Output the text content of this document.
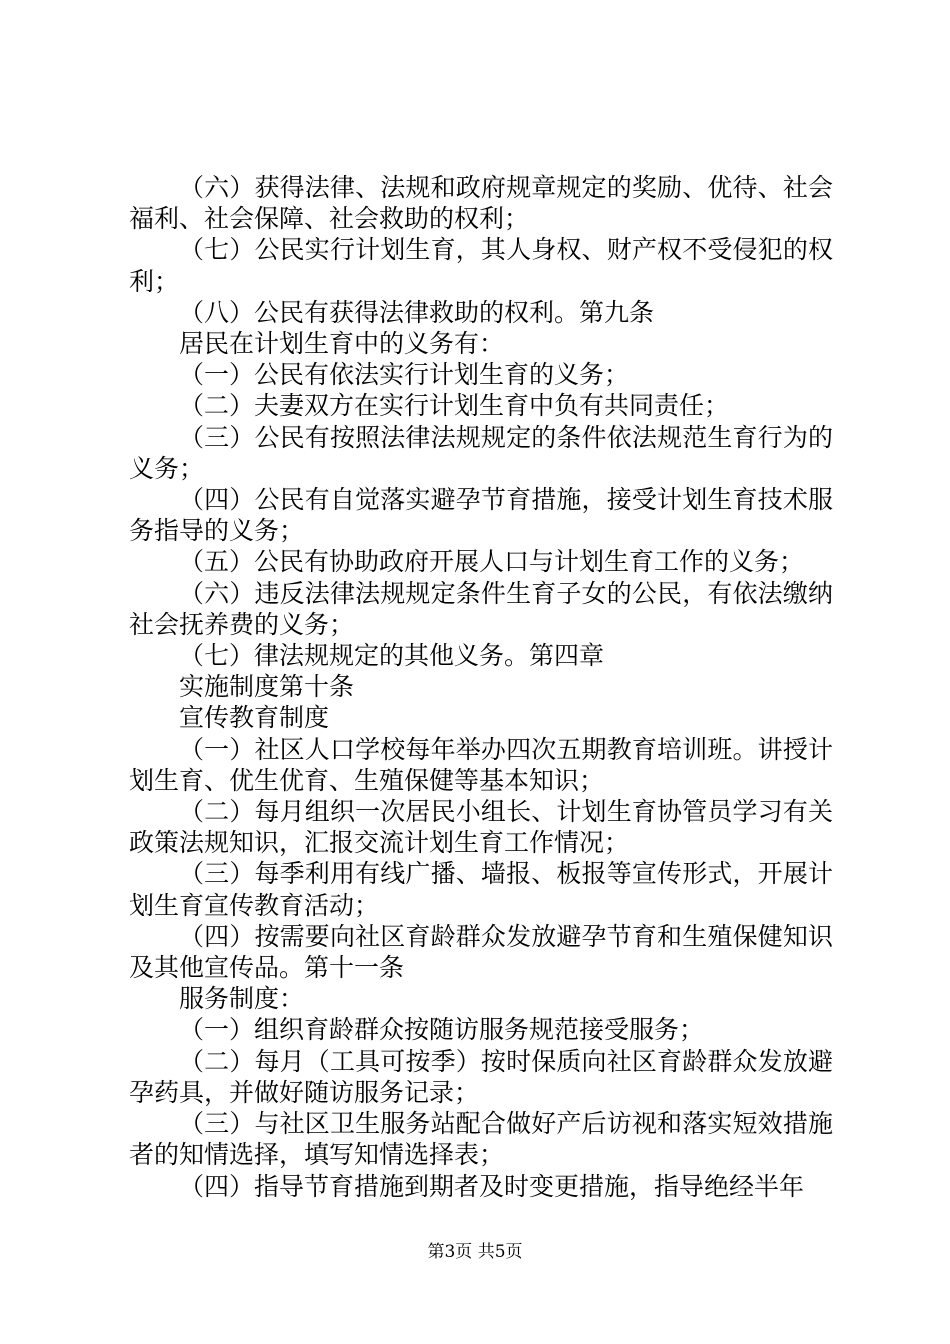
（六）获得法律、法规和政府规章规定的奖励、优待、社会福利、社会保障、社会救助的权利；

（七）公民实行计划生育，其人身权、财产权不受侵犯的权利；

（八）公民有获得法律救助的权利。第九条

居民在计划生育中的义务有：

（一）公民有依法实行计划生育的义务；

（二）夫妻双方在实行计划生育中负有共同责任；

（三）公民有按照法律法规规定的条件依法规范生育行为的义务；

（四）公民有自觉落实避孕节育措施，接受计划生育技术服务指导的义务；

（五）公民有协助政府开展人口与计划生育工作的义务；

（六）违反法律法规规定条件生育子女的公民，有依法缴纳社会抚养费的义务；

（七）律法规规定的其他义务。第四章

实施制度第十条

宣传教育制度

（一）社区人口学校每年举办四次五期教育培训班。讲授计划生育、优生优育、生殖保健等基本知识；

（二）每月组织一次居民小组长、计划生育协管员学习有关政策法规知识，汇报交流计划生育工作情况；

（三）每季利用有线广播、墙报、板报等宣传形式，开展计划生育宣传教育活动；

（四）按需要向社区育龄群众发放避孕节育和生殖保健知识及其他宣传品。第十一条

服务制度：

（一）组织育龄群众按随访服务规范接受服务；

（二）每月（工具可按季）按时保质向社区育龄群众发放避孕药具，并做好随访服务记录；

（三）与社区卫生服务站配合做好产后访视和落实短效措施者的知情选择，填写知情选择表；

（四）指导节育措施到期者及时变更措施，指导绝经半年

第3页 共5页
